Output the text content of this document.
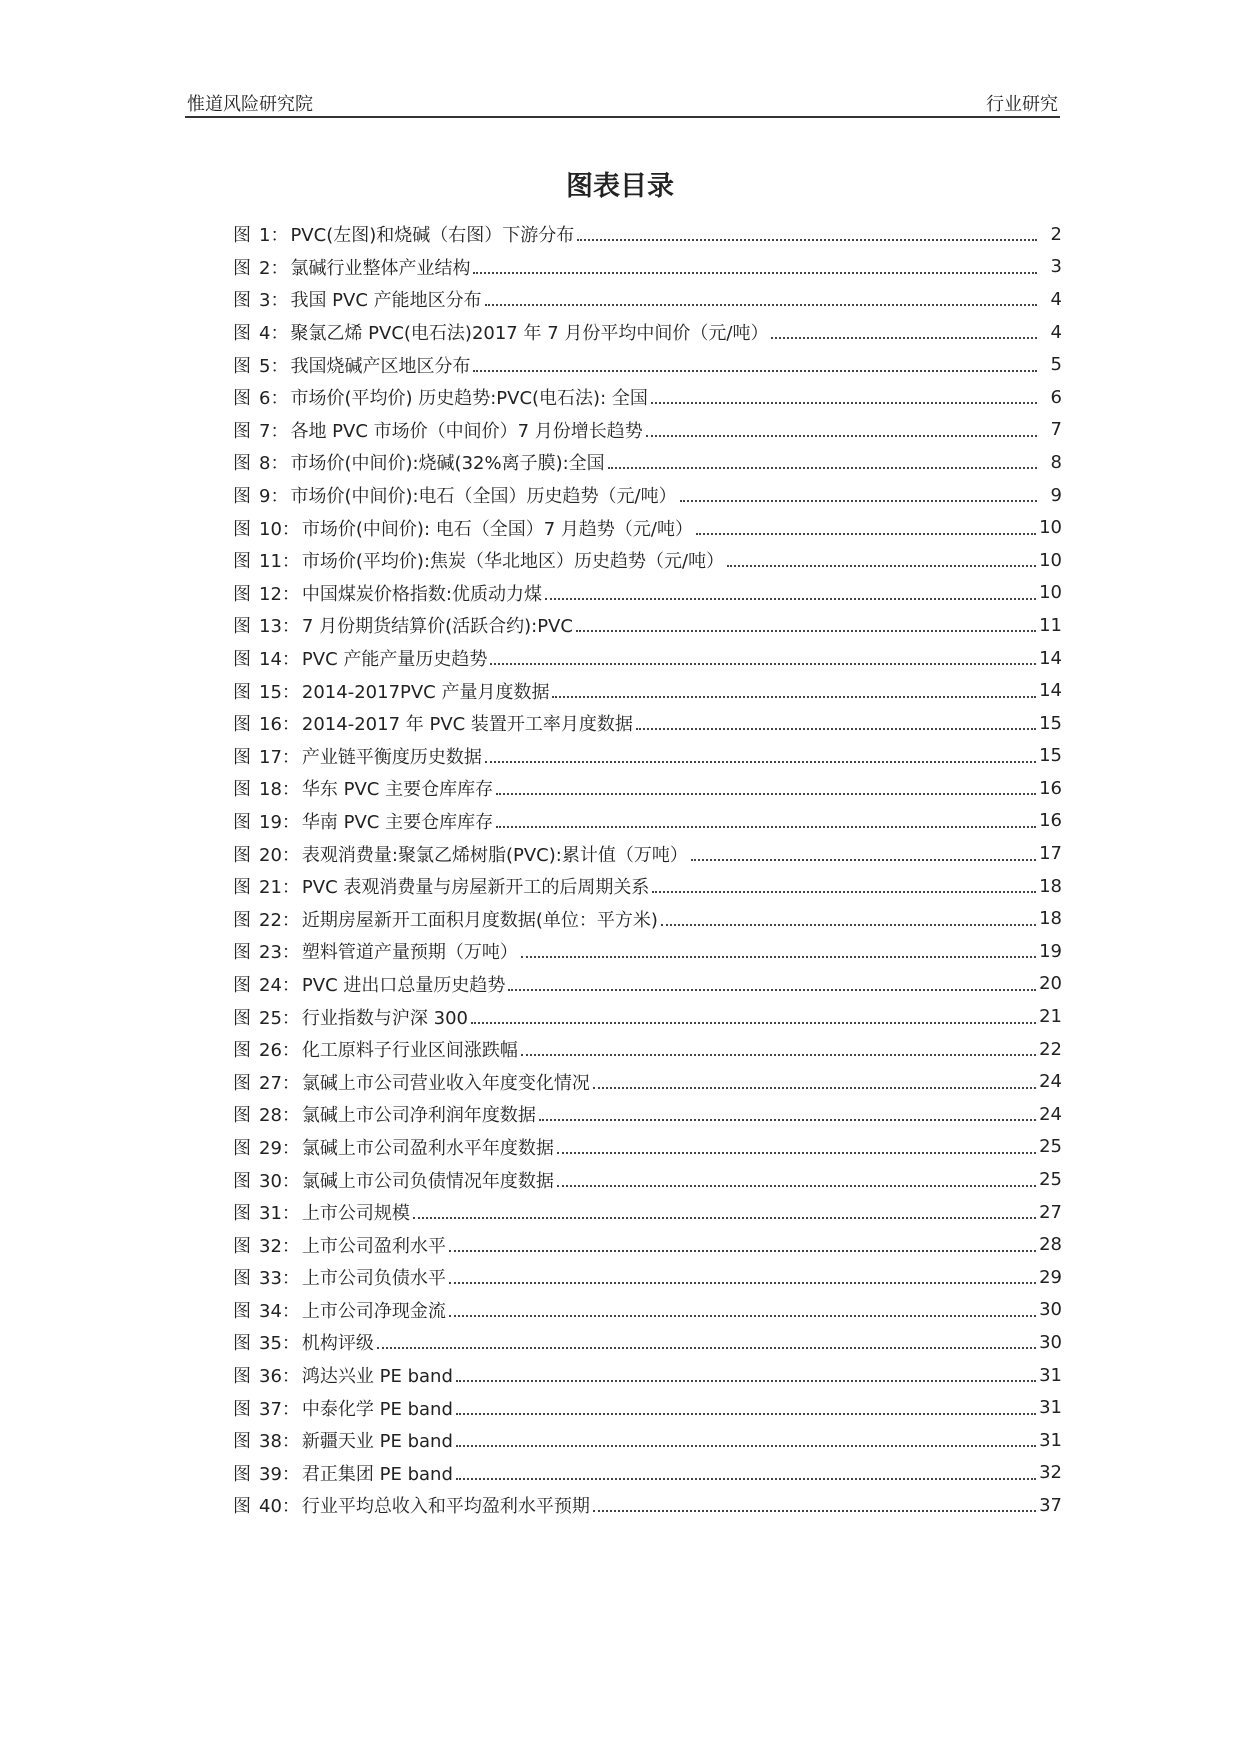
惟道风险研究院	行业研究
图表目录
图 1： PVC(左图)和烧碱（右图）下游分布	2
图 2： 氯碱行业整体产业结构	3
图 3： 我国 PVC 产能地区分布	4
图 4： 聚氯乙烯 PVC(电石法)2017 年 7 月份平均中间价（元/吨）	4
图 5： 我国烧碱产区地区分布	5
图 6： 市场价(平均价) 历史趋势:PVC(电石法): 全国	6
图 7： 各地 PVC 市场价（中间价）7 月份增长趋势	7
图 8： 市场价(中间价):烧碱(32%离子膜):全国	8
图 9： 市场价(中间价):电石（全国）历史趋势（元/吨）	9
图 10： 市场价(中间价): 电石（全国）7 月趋势（元/吨）	10
图 11： 市场价(平均价):焦炭（华北地区）历史趋势（元/吨）	10
图 12： 中国煤炭价格指数:优质动力煤	10
图 13： 7 月份期货结算价(活跃合约):PVC	11
图 14： PVC 产能产量历史趋势	14
图 15： 2014-2017PVC 产量月度数据	14
图 16： 2014-2017 年 PVC 装置开工率月度数据	15
图 17： 产业链平衡度历史数据	15
图 18： 华东 PVC 主要仓库库存	16
图 19： 华南 PVC 主要仓库库存	16
图 20： 表观消费量:聚氯乙烯树脂(PVC):累计值（万吨）	17
图 21： PVC 表观消费量与房屋新开工的后周期关系	18
图 22： 近期房屋新开工面积月度数据(单位：平方米)	18
图 23： 塑料管道产量预期（万吨）	19
图 24： PVC 进出口总量历史趋势	20
图 25： 行业指数与沪深 300	21
图 26： 化工原料子行业区间涨跌幅	22
图 27： 氯碱上市公司营业收入年度变化情况	24
图 28： 氯碱上市公司净利润年度数据	24
图 29： 氯碱上市公司盈利水平年度数据	25
图 30： 氯碱上市公司负债情况年度数据	25
图 31： 上市公司规模	27
图 32： 上市公司盈利水平	28
图 33： 上市公司负债水平	29
图 34： 上市公司净现金流	30
图 35： 机构评级	30
图 36： 鸿达兴业 PE band	31
图 37： 中泰化学 PE band	31
图 38： 新疆天业 PE band	31
图 39： 君正集团 PE band	32
图 40： 行业平均总收入和平均盈利水平预期	37
